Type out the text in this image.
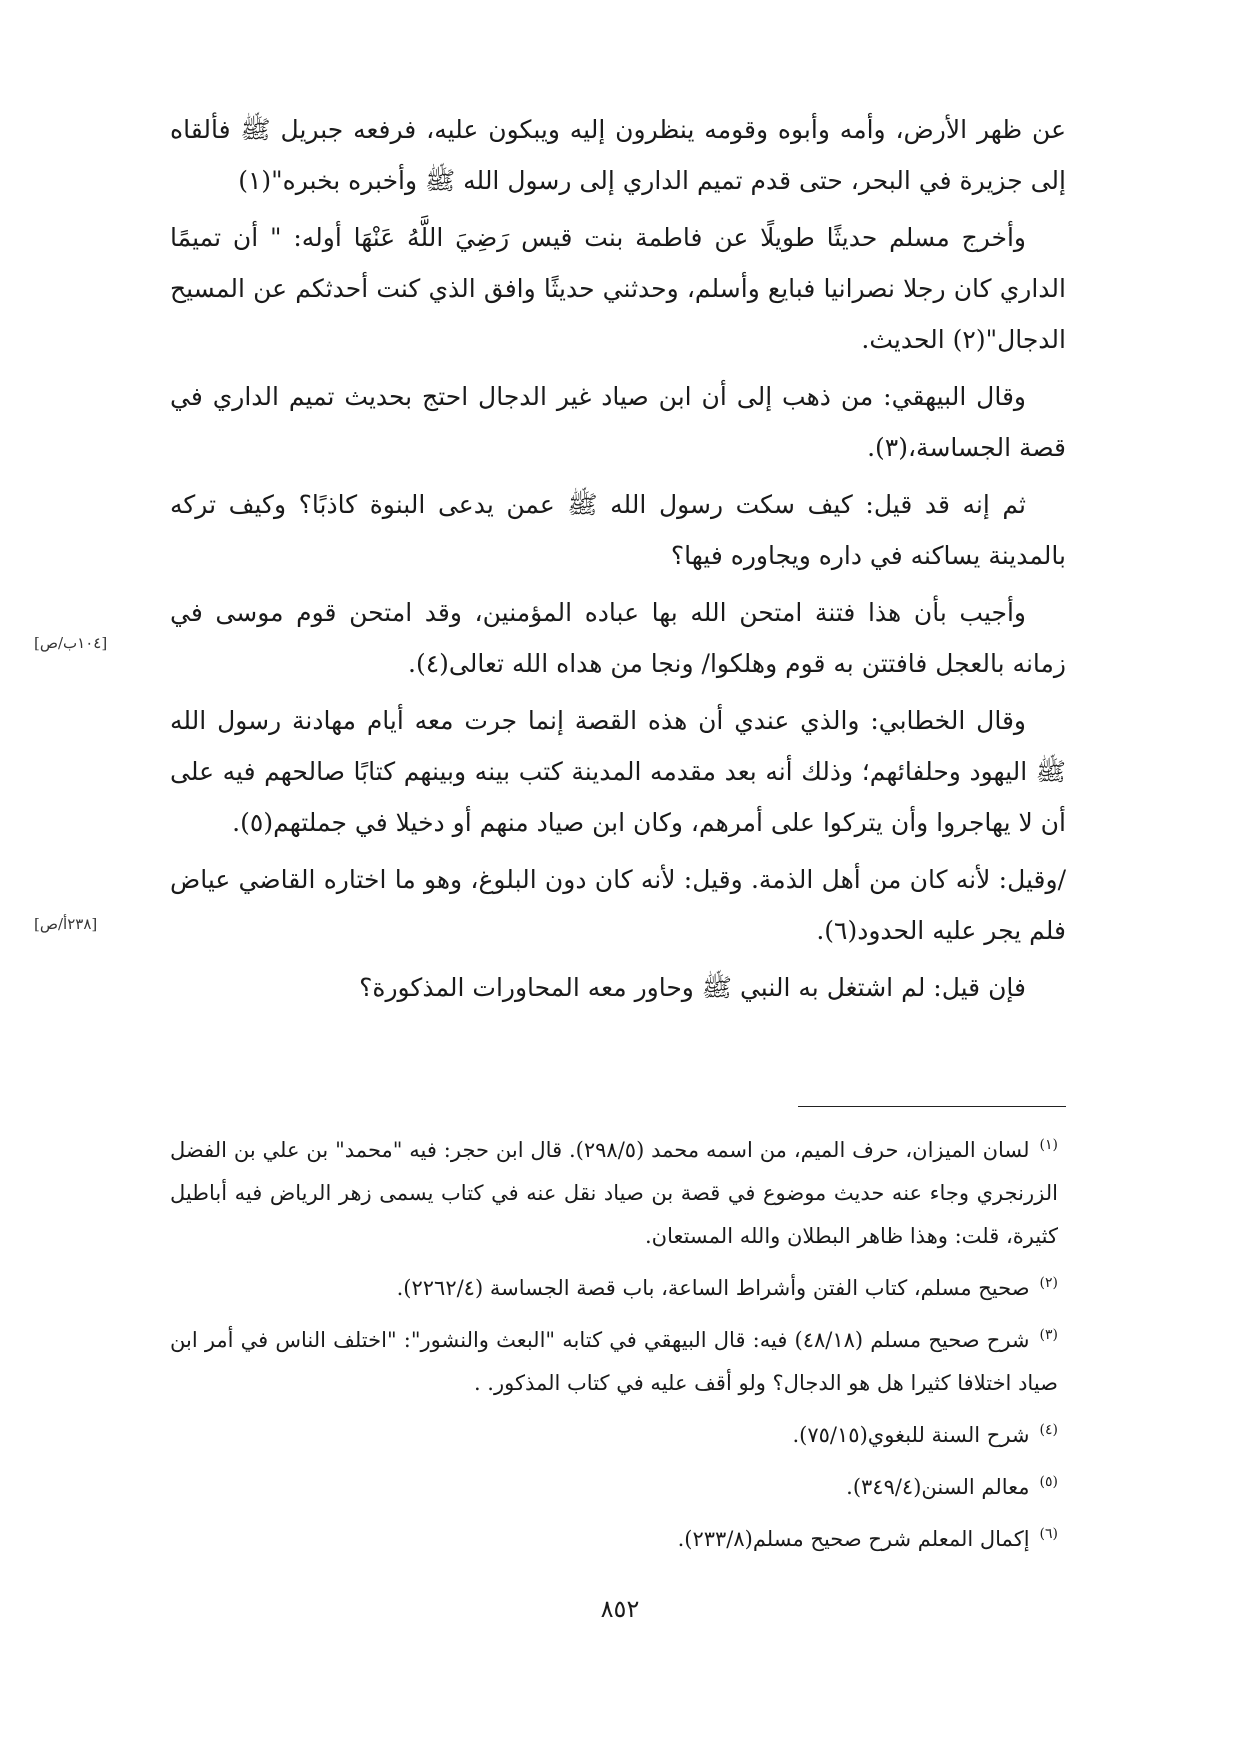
عن ظهر الأرض، وأمه وأبوه وقومه ينظرون إليه ويبكون عليه، فرفعه جبريل ﷺ فألقاه إلى جزيرة في البحر، حتى قدم تميم الداري إلى رسول الله ﷺ وأخبره بخبره"(١)

وأخرج مسلم حديثًا طويلًا عن فاطمة بنت قيس رَضِيَ اللَّهُ عَنْهَا أوله: " أن تميمًا الداري كان رجلا نصرانيا فبايع وأسلم، وحدثني حديثًا وافق الذي كنت أحدثكم عن المسيح الدجال"(٢) الحديث.

وقال البيهقي: من ذهب إلى أن ابن صياد غير الدجال احتج بحديث تميم الداري في قصة الجساسة،(٣).

ثم إنه قد قيل: كيف سكت رسول الله ﷺ عمن يدعى البنوة كاذبًا؟ وكيف تركه بالمدينة يساكنه في داره ويجاوره فيها؟

وأجيب بأن هذا فتنة امتحن الله بها عباده المؤمنين، وقد امتحن قوم موسى في زمانه بالعجل فافتتن به قوم وهلكوا/ ونجا من هداه الله تعالى(٤).

وقال الخطابي: والذي عندي أن هذه القصة إنما جرت معه أيام مهادنة رسول الله ﷺ اليهود وحلفائهم؛ وذلك أنه بعد مقدمه المدينة كتب بينه وبينهم كتابًا صالحهم فيه على أن لا يهاجروا وأن يتركوا على أمرهم، وكان ابن صياد منهم أو دخيلا في جملتهم(٥).

/وقيل: لأنه كان من أهل الذمة. وقيل: لأنه كان دون البلوغ، وهو ما اختاره القاضي عياض فلم يجر عليه الحدود(٦).

فإن قيل: لم اشتغل به النبي ﷺ وحاور معه المحاورات المذكورة؟

[١٠٤ب/ص]
[٢٣٨أ/ص]

$^{(١)}$لسان الميزان، حرف الميم، من اسمه محمد (٢٩٨/٥). قال ابن حجر: فيه "محمد" بن علي بن الفضل الزرنجري وجاء عنه حديث موضوع في قصة بن صياد نقل عنه في كتاب يسمى زهر الرياض فيه أباطيل كثيرة، قلت: وهذا ظاهر البطلان والله المستعان.

$^{(٢)}$صحيح مسلم، كتاب الفتن وأشراط الساعة، باب قصة الجساسة (٢٢٦٢/٤).

$^{(٣)}$شرح صحيح مسلم (٤٨/١٨) فيه: قال البيهقي في كتابه "البعث والنشور": "اختلف الناس في أمر ابن صياد اختلافا كثيرا هل هو الدجال؟ ولو أقف عليه في كتاب المذكور. .

$^{(٤)}$شرح السنة للبغوي(٧٥/١٥).

$^{(٥)}$معالم السنن(٣٤٩/٤).

$^{(٦)}$إكمال المعلم شرح صحيح مسلم(٢٣٣/٨).

٨٥٢
